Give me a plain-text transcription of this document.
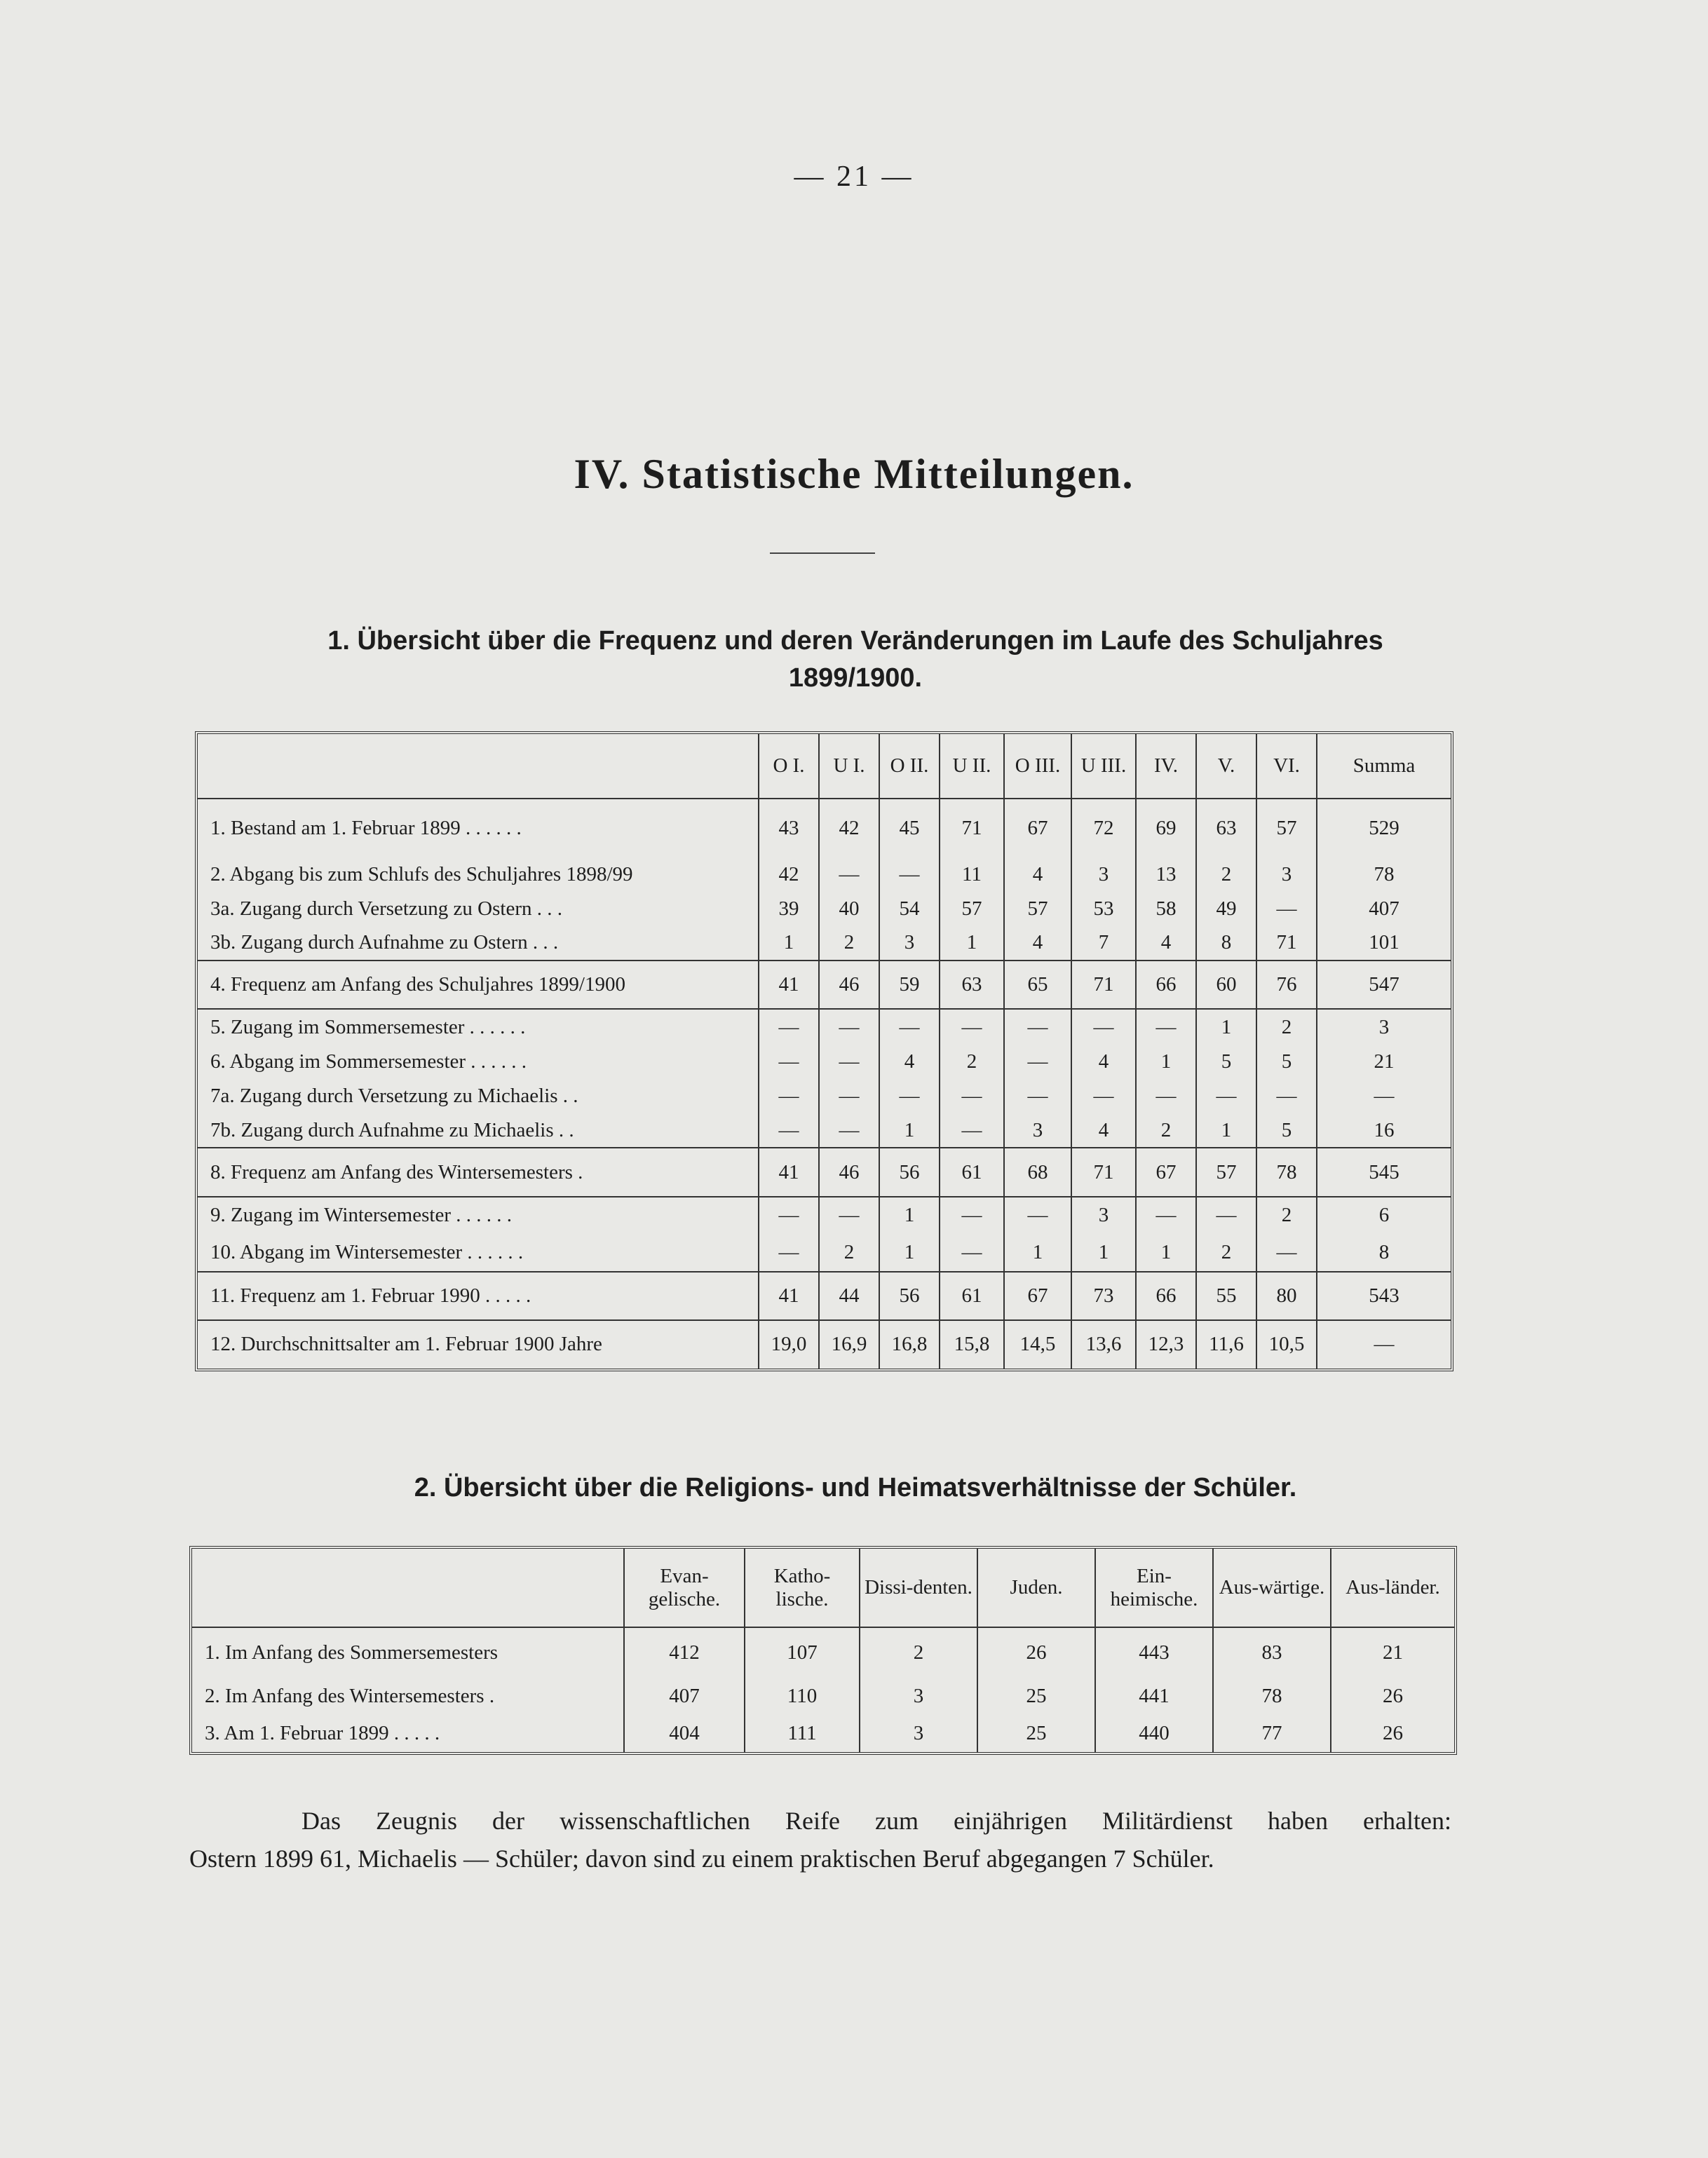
— 21 —
IV. Statistische Mitteilungen.
1. Übersicht über die Frequenz und deren Veränderungen im Laufe des Schuljahres 1899/1900.
	O I.	U I.	O II.	U II.	O III.	U III.	IV.	V.	VI.	Summa
1. Bestand am 1. Februar 1899 . . . . . .	43	42	45	71	67	72	69	63	57	529
2. Abgang bis zum Schlufs des Schuljahres 1898/99	42	—	—	11	4	3	13	2	3	78
3a. Zugang durch Versetzung zu Ostern . . .	39	40	54	57	57	53	58	49	—	407
3b. Zugang durch Aufnahme zu Ostern . . .	1	2	3	1	4	7	4	8	71	101
4. Frequenz am Anfang des Schuljahres 1899/1900	41	46	59	63	65	71	66	60	76	547
5. Zugang im Sommersemester . . . . . .	—	—	—	—	—	—	—	1	2	3
6. Abgang im Sommersemester . . . . . .	—	—	4	2	—	4	1	5	5	21
7a. Zugang durch Versetzung zu Michaelis . .	—	—	—	—	—	—	—	—	—	—
7b. Zugang durch Aufnahme zu Michaelis . .	—	—	1	—	3	4	2	1	5	16
8. Frequenz am Anfang des Wintersemesters .	41	46	56	61	68	71	67	57	78	545
9. Zugang im Wintersemester . . . . . .	—	—	1	—	—	3	—	—	2	6
10. Abgang im Wintersemester . . . . . .	—	2	1	—	1	1	1	2	—	8
11. Frequenz am 1. Februar 1990 . . . . .	41	44	56	61	67	73	66	55	80	543
12. Durchschnittsalter am 1. Februar 1900 Jahre	19,0	16,9	16,8	15,8	14,5	13,6	12,3	11,6	10,5	—
2. Übersicht über die Religions- und Heimatsverhältnisse der Schüler.
	Evan-gelische.	Katho-lische.	Dissi-denten.	Juden.	Ein-heimische.	Aus-wärtige.	Aus-länder.
1. Im Anfang des Sommersemesters	412	107	2	26	443	83	21
2. Im Anfang des Wintersemesters .	407	110	3	25	441	78	26
3. Am 1. Februar 1899 . . . . .	404	111	3	25	440	77	26
Das Zeugnis der wissenschaftlichen Reife zum einjährigen Militärdienst haben erhalten:
Ostern 1899 61, Michaelis — Schüler; davon sind zu einem praktischen Beruf abgegangen 7 Schüler.
